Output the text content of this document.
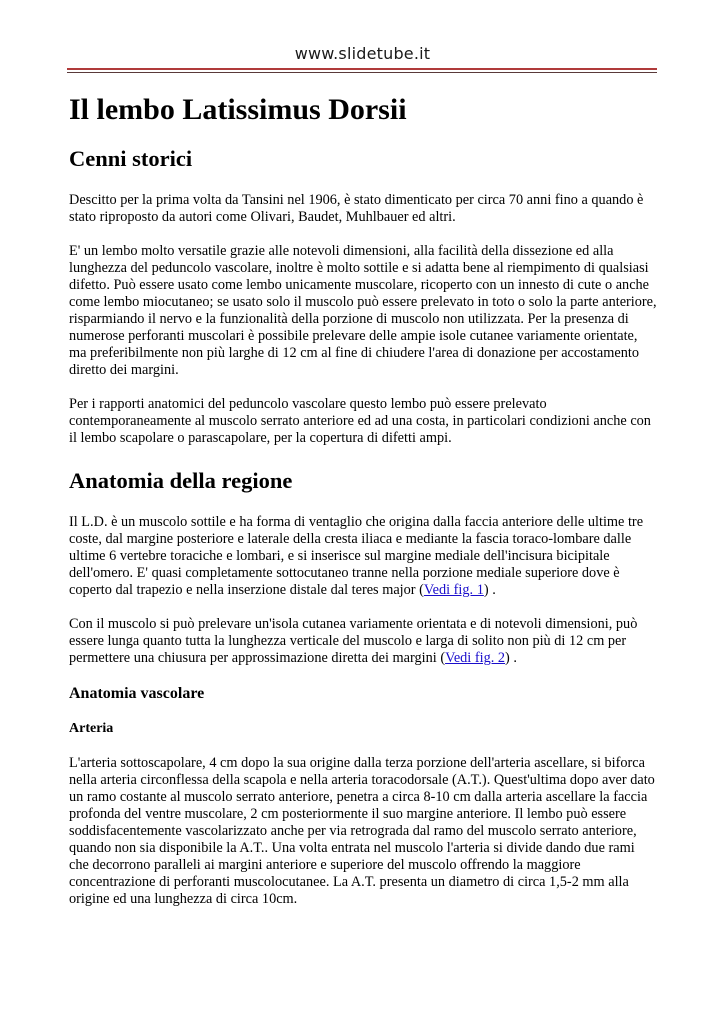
www.slidetube.it
Il lembo Latissimus Dorsii
Cenni storici

Descitto per la prima volta da Tansini nel 1906, è stato dimenticato per circa 70 anni fino a quando è stato riproposto da autori come Olivari, Baudet, Muhlbauer ed altri.

E' un lembo molto versatile grazie alle notevoli dimensioni, alla facilità della dissezione ed alla lunghezza del peduncolo vascolare, inoltre è molto sottile e si adatta bene al riempimento di qualsiasi difetto. Può essere usato come lembo unicamente muscolare, ricoperto con un innesto di cute o anche come lembo miocutaneo; se usato solo il muscolo può essere prelevato in toto o solo la parte anteriore, risparmiando il nervo e la funzionalità della porzione di muscolo non utilizzata. Per la presenza di numerose perforanti muscolari è possibile prelevare delle ampie isole cutanee variamente orientate, ma preferibilmente non più larghe di 12 cm al fine di chiudere l'area di donazione per accostamento diretto dei margini.

Per i rapporti anatomici del peduncolo vascolare questo lembo può essere prelevato contemporaneamente al muscolo serrato anteriore ed ad una costa, in particolari condizioni anche con il lembo scapolare o parascapolare, per la copertura di difetti ampi.

Anatomia della regione

Il L.D. è un muscolo sottile e ha forma di ventaglio che origina dalla faccia anteriore delle ultime tre coste, dal margine posteriore e laterale della cresta iliaca e mediante la fascia toraco-lombare dalle ultime 6 vertebre toraciche e lombari, e si inserisce sul margine mediale dell'incisura bicipitale dell'omero. E' quasi completamente sottocutaneo tranne nella porzione mediale superiore dove è coperto dal trapezio e nella inserzione distale dal teres major (Vedi fig. 1) .

Con il muscolo si può prelevare un'isola cutanea variamente orientata e di notevoli dimensioni, può essere lunga quanto tutta la lunghezza verticale del muscolo e larga di solito non più di 12 cm per permettere una chiusura per approssimazione diretta dei margini (Vedi fig. 2) .

Anatomia vascolare
Arteria

L'arteria sottoscapolare, 4 cm dopo la sua origine dalla terza porzione dell'arteria ascellare, si biforca nella arteria circonflessa della scapola e nella arteria toracodorsale (A.T.). Quest'ultima dopo aver dato un ramo costante al muscolo serrato anteriore, penetra a circa 8-10 cm dalla arteria ascellare la faccia profonda del ventre muscolare, 2 cm posteriormente il suo margine anteriore. Il lembo può essere soddisfacentemente vascolarizzato anche per via retrograda dal ramo del muscolo serrato anteriore, quando non sia disponibile la A.T.. Una volta entrata nel muscolo l'arteria si divide dando due rami che decorrono paralleli ai margini anteriore e superiore del muscolo offrendo la maggiore concentrazione di perforanti muscolocutanee. La A.T. presenta un diametro di circa 1,5-2 mm alla origine ed una lunghezza di circa 10cm.
